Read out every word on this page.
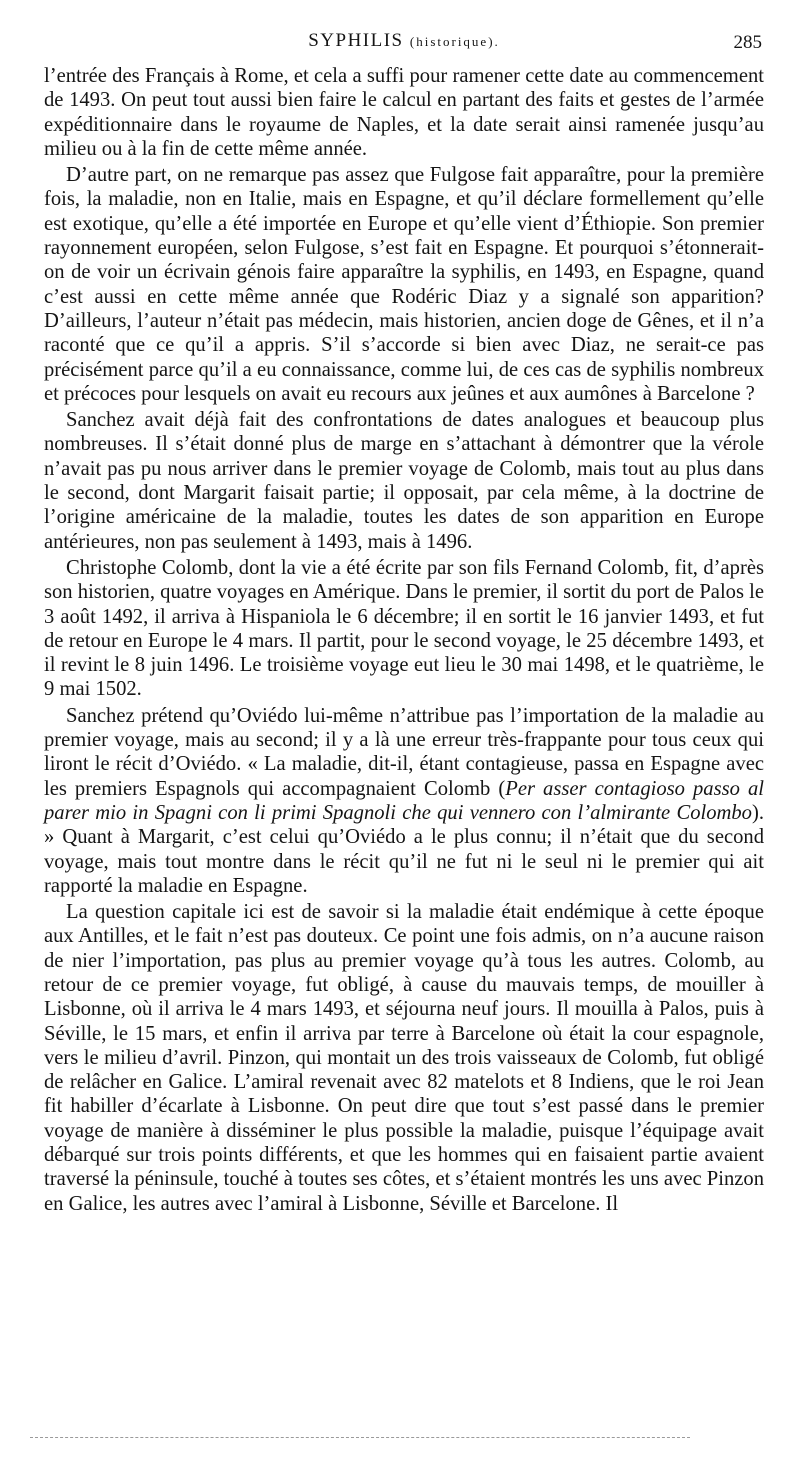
SYPHILIS (historique).	285

l’entrée des Français à Rome, et cela a suffi pour ramener cette date au commencement de 1493. On peut tout aussi bien faire le calcul en partant des faits et gestes de l’armée expéditionnaire dans le royaume de Naples, et la date serait ainsi ramenée jusqu’au milieu ou à la fin de cette même année.

D’autre part, on ne remarque pas assez que Fulgose fait apparaître, pour la première fois, la maladie, non en Italie, mais en Espagne, et qu’il déclare formellement qu’elle est exotique, qu’elle a été importée en Europe et qu’elle vient d’Éthiopie. Son premier rayonnement européen, selon Fulgose, s’est fait en Espagne. Et pourquoi s’étonnerait-on de voir un écrivain génois faire apparaître la syphilis, en 1493, en Espagne, quand c’est aussi en cette même année que Rodéric Diaz y a signalé son apparition? D’ailleurs, l’auteur n’était pas médecin, mais historien, ancien doge de Gênes, et il n’a raconté que ce qu’il a appris. S’il s’accorde si bien avec Diaz, ne serait-ce pas précisément parce qu’il a eu connaissance, comme lui, de ces cas de syphilis nombreux et précoces pour lesquels on avait eu recours aux jeûnes et aux aumônes à Barcelone ?

Sanchez avait déjà fait des confrontations de dates analogues et beaucoup plus nombreuses. Il s’était donné plus de marge en s’attachant à démontrer que la vérole n’avait pas pu nous arriver dans le premier voyage de Colomb, mais tout au plus dans le second, dont Margarit faisait partie; il opposait, par cela même, à la doctrine de l’origine américaine de la maladie, toutes les dates de son apparition en Europe antérieures, non pas seulement à 1493, mais à 1496.

Christophe Colomb, dont la vie a été écrite par son fils Fernand Colomb, fit, d’après son historien, quatre voyages en Amérique. Dans le premier, il sortit du port de Palos le 3 août 1492, il arriva à Hispaniola le 6 décembre; il en sortit le 16 janvier 1493, et fut de retour en Europe le 4 mars. Il partit, pour le second voyage, le 25 décembre 1493, et il revint le 8 juin 1496. Le troisième voyage eut lieu le 30 mai 1498, et le quatrième, le 9 mai 1502.

Sanchez prétend qu’Oviédo lui-même n’attribue pas l’importation de la maladie au premier voyage, mais au second; il y a là une erreur très-frappante pour tous ceux qui liront le récit d’Oviédo. « La maladie, dit-il, étant contagieuse, passa en Espagne avec les premiers Espagnols qui accompagnaient Colomb (Per asser contagioso passo al parer mio in Spagni con li primi Spagnoli che qui vennero con l’almirante Colombo). » Quant à Margarit, c’est celui qu’Oviédo a le plus connu; il n’était que du second voyage, mais tout montre dans le récit qu’il ne fut ni le seul ni le premier qui ait rapporté la maladie en Espagne.

La question capitale ici est de savoir si la maladie était endémique à cette époque aux Antilles, et le fait n’est pas douteux. Ce point une fois admis, on n’a aucune raison de nier l’importation, pas plus au premier voyage qu’à tous les autres. Colomb, au retour de ce premier voyage, fut obligé, à cause du mauvais temps, de mouiller à Lisbonne, où il arriva le 4 mars 1493, et séjourna neuf jours. Il mouilla à Palos, puis à Séville, le 15 mars, et enfin il arriva par terre à Barcelone où était la cour espagnole, vers le milieu d’avril. Pinzon, qui montait un des trois vaisseaux de Colomb, fut obligé de relâcher en Galice. L’amiral revenait avec 82 matelots et 8 Indiens, que le roi Jean fit habiller d’écarlate à Lisbonne. On peut dire que tout s’est passé dans le premier voyage de manière à disséminer le plus possible la maladie, puisque l’équipage avait débarqué sur trois points différents, et que les hommes qui en faisaient partie avaient traversé la péninsule, touché à toutes ses côtes, et s’étaient montrés les uns avec Pinzon en Galice, les autres avec l’amiral à Lisbonne, Séville et Barcelone. Il
